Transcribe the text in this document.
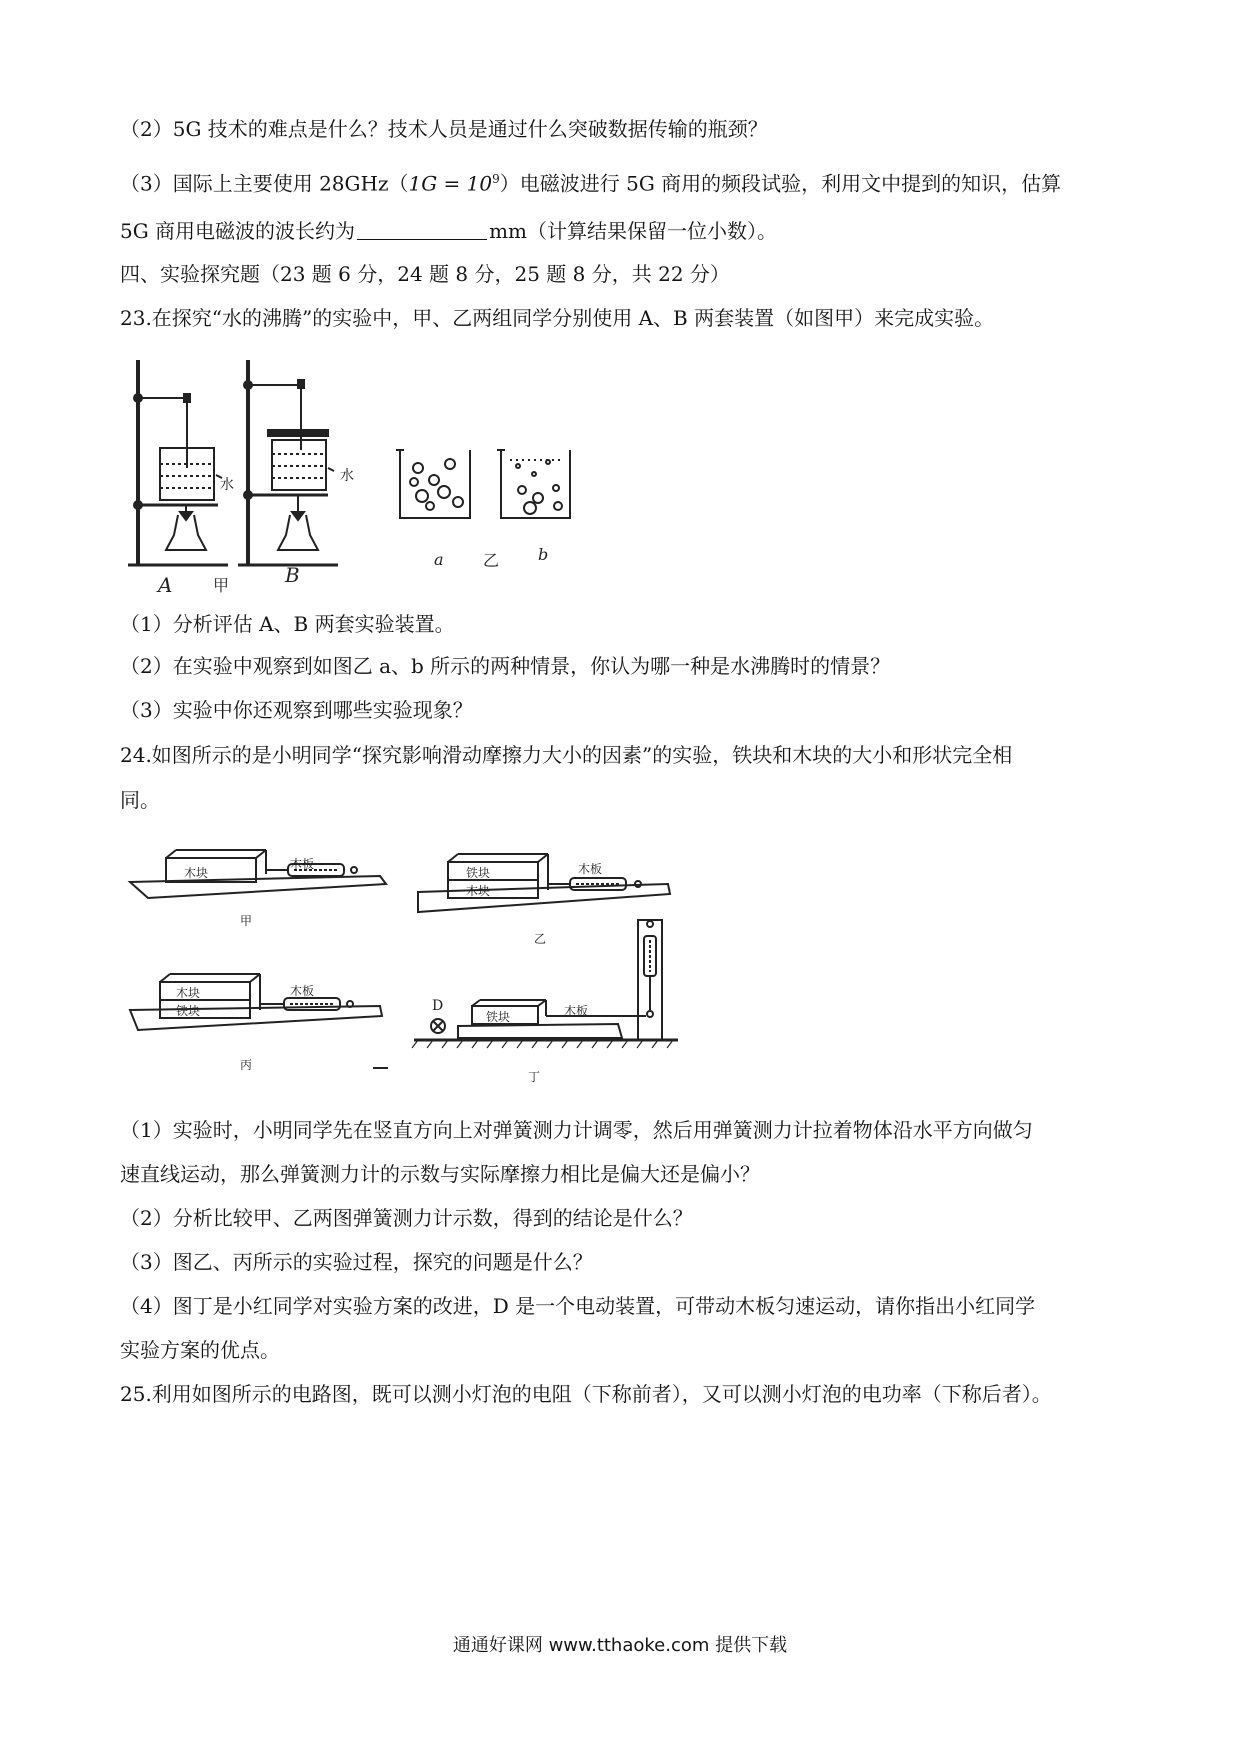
（2）5G 技术的难点是什么？技术人员是通过什么突破数据传输的瓶颈？
（3）国际上主要使用 $28GHz(1G = 10^9)$电磁波进行 5G 商用的频段试验，利用文中提到的知识，估算
5G 商用电磁波的波长约为	mm（计算结果保留一位小数）。
四、实验探究题（23 题 6 分，24 题 8 分，25 题 8 分，共 22 分）
23.在探究“水的沸腾”的实验中，甲、乙两组同学分别使用 A、B 两套装置（如图甲）来完成实验。
A	甲	B
水
水
a 乙 b
（1）分析评估 A、B 两套实验装置。
（2）在实验中观察到如图乙 a、b 所示的两种情景，你认为哪一种是水沸腾时的情景？
（3）实验中你还观察到哪些实验现象？
24.如图所示的是小明同学“探究影响滑动摩擦力大小的因素”的实验，铁块和木块的大小和形状完全相
同。
木块
木板
甲
铁块
木块
木板
乙
木块
铁块
木板
丙
D
铁块	木板
丁
（1）实验时，小明同学先在竖直方向上对弹簧测力计调零，然后用弹簧测力计拉着物体沿水平方向做匀
速直线运动，那么弹簧测力计的示数与实际摩擦力相比是偏大还是偏小？
（2）分析比较甲、乙两图弹簧测力计示数，得到的结论是什么？
（3）图乙、丙所示的实验过程，探究的问题是什么？
（4）图丁是小红同学对实验方案的改进，D 是一个电动装置，可带动木板匀速运动，请你指出小红同学
实验方案的优点。
25.利用如图所示的电路图，既可以测小灯泡的电阻（下称前者），又可以测小灯泡的电功率（下称后者）。
通通好课网 www.tthaoke.com 提供下载
